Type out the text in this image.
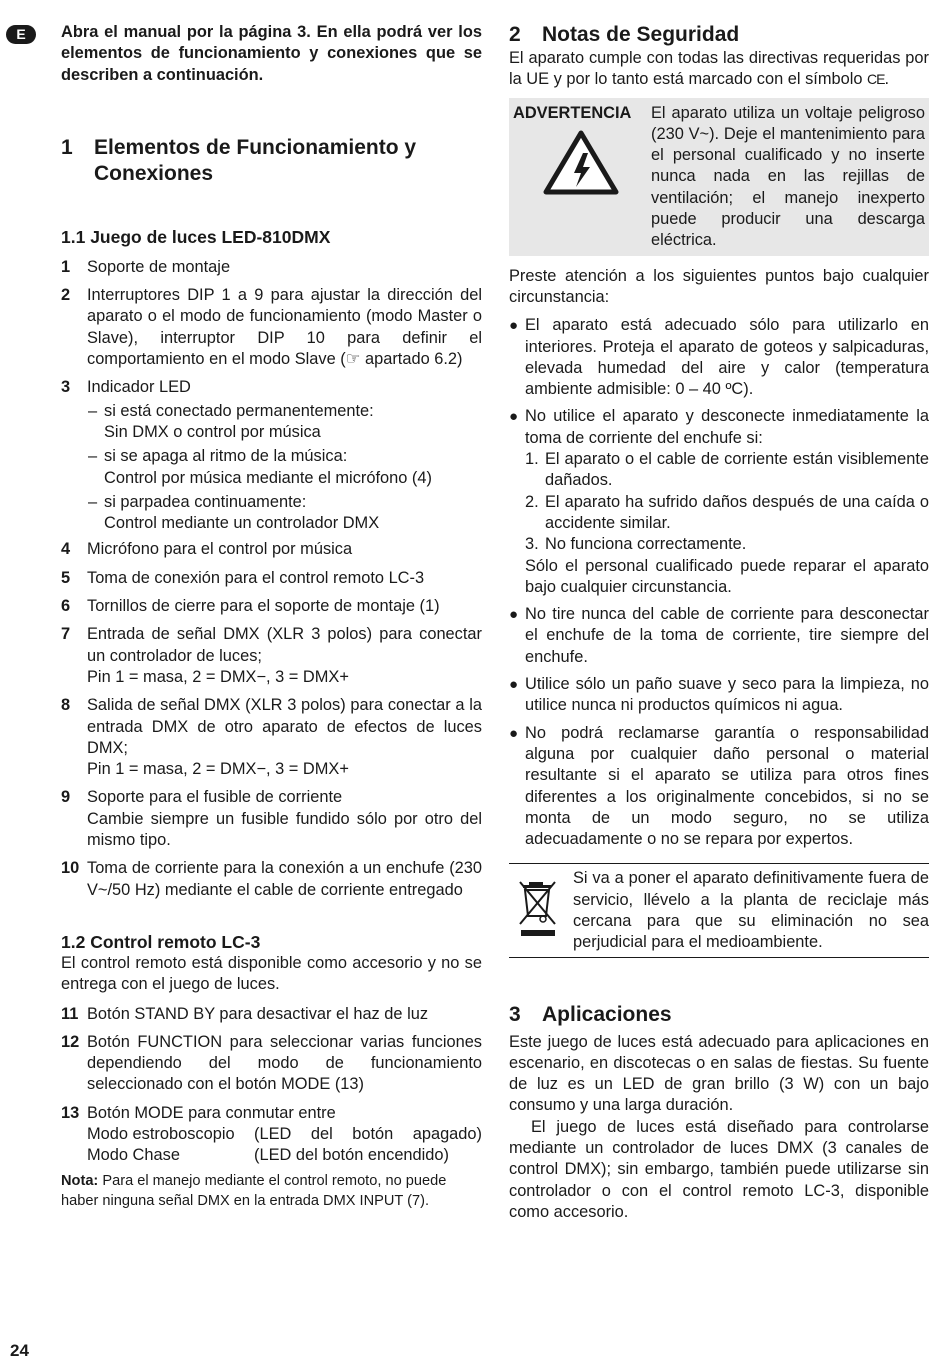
E
24

Abra el manual por la página 3. En ella podrá ver los elementos de funcionamiento y conexiones que se describen a continuación.

1	Elementos de Funcionamiento y
Conexiones
1.1 Juego de luces LED-810DMX
1	Soporte de montaje
2	Interruptores DIP 1 a 9 para ajustar la dirección del aparato o el modo de funcionamiento (modo Master o Slave), interruptor DIP 10 para definir el comportamiento en el modo Slave (☞ apartado 6.2)
3	Indicador LED
– si está conectado permanentemente:
Sin DMX o control por música
– si se apaga al ritmo de la música:
Control por música mediante el micrófono (4)
– si parpadea continuamente:
Control mediante un controlador DMX
4	Micrófono para el control por música
5	Toma de conexión para el control remoto LC-3
6	Tornillos de cierre para el soporte de montaje (1)
7	Entrada de señal DMX (XLR 3 polos) para conectar un controlador de luces;
Pin 1 = masa, 2 = DMX−, 3 = DMX+
8	Salida de señal DMX (XLR 3 polos) para conectar a la entrada DMX de otro aparato de efectos de luces DMX;
Pin 1 = masa, 2 = DMX−, 3 = DMX+
9	Soporte para el fusible de corriente
Cambie siempre un fusible fundido sólo por otro del mismo tipo.
10 Toma de corriente para la conexión a un enchufe (230 V~/50 Hz) mediante el cable de corriente entregado
1.2 Control remoto LC-3

El control remoto está disponible como accesorio y no se entrega con el juego de luces.

11 Botón STAND BY para desactivar el haz de luz
12 Botón FUNCTION para seleccionar varias funciones dependiendo del modo de funcionamiento seleccionado con el botón MODE (13)
13 Botón MODE para conmutar entre
Modo estroboscopio	(LED del botón apagado)
Modo Chase	(LED del botón encendido)

Nota: Para el manejo mediante el control remoto, no puede haber ninguna señal DMX en la entrada DMX INPUT (7).

2	Notas de Seguridad

El aparato cumple con todas las directivas requeridas por la UE y por lo tanto está marcado con el símbolo CE.

ADVERTENCIA	El aparato utiliza un voltaje peligroso (230 V~). Deje el mantenimiento para el personal cualificado y no inserte nunca nada en las rejillas de ventilación; el manejo inexperto puede producir una descarga eléctrica.

Preste atención a los siguientes puntos bajo cualquier circunstancia:

● El aparato está adecuado sólo para utilizarlo en interiores. Proteja el aparato de goteos y salpicaduras, elevada humedad del aire y calor (temperatura ambiente admisible: 0 – 40 ºC).
● No utilice el aparato y desconecte inmediatamente la toma de corriente del enchufe si:
1. El aparato o el cable de corriente están visiblemente dañados.
2. El aparato ha sufrido daños después de una caída o accidente similar.
3. No funciona correctamente.
Sólo el personal cualificado puede reparar el aparato bajo cualquier circunstancia.
● No tire nunca del cable de corriente para desconectar el enchufe de la toma de corriente, tire siempre del enchufe.
● Utilice sólo un paño suave y seco para la limpieza, no utilice nunca ni productos químicos ni agua.
● No podrá reclamarse garantía o responsabilidad alguna por cualquier daño personal o material resultante si el aparato se utiliza para otros fines diferentes a los originalmente concebidos, si no se monta de un modo seguro, no se utiliza adecuadamente o no se repara por expertos.

Si va a poner el aparato definitivamente fuera de servicio, llévelo a la planta de reciclaje más cercana para que su eliminación no sea perjudicial para el medioambiente.

3	Aplicaciones

Este juego de luces está adecuado para aplicaciones en escenario, en discotecas o en salas de fiestas. Su fuente de luz es un LED de gran brillo (3 W) con un bajo consumo y una larga duración.

El juego de luces está diseñado para controlarse mediante un controlador de luces DMX (3 canales de control DMX); sin embargo, también puede utilizarse sin controlador o con el control remoto LC-3, disponible como accesorio.
